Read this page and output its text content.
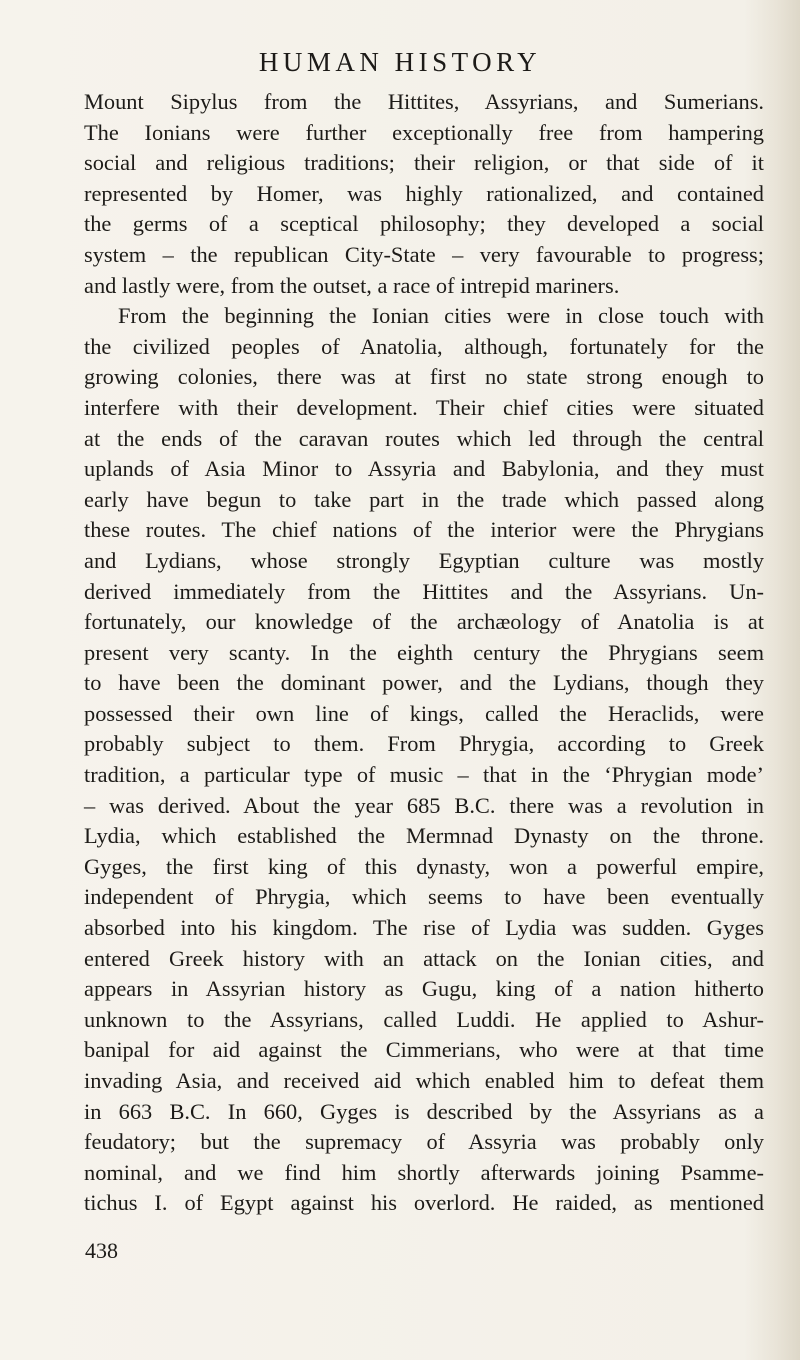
HUMAN HISTORY
Mount Sipylus from the Hittites, Assyrians, and Sumerians.
The Ionians were further exceptionally free from hampering
social and religious traditions; their religion, or that side of it
represented by Homer, was highly rationalized, and contained
the germs of a sceptical philosophy; they developed a social
system – the republican City-State – very favourable to progress;
and lastly were, from the outset, a race of intrepid mariners.
From the beginning the Ionian cities were in close touch with
the civilized peoples of Anatolia, although, fortunately for the
growing colonies, there was at first no state strong enough to
interfere with their development. Their chief cities were situated
at the ends of the caravan routes which led through the central
uplands of Asia Minor to Assyria and Babylonia, and they must
early have begun to take part in the trade which passed along
these routes. The chief nations of the interior were the Phrygians
and Lydians, whose strongly Egyptian culture was mostly
derived immediately from the Hittites and the Assyrians. Un-
fortunately, our knowledge of the archæology of Anatolia is at
present very scanty. In the eighth century the Phrygians seem
to have been the dominant power, and the Lydians, though they
possessed their own line of kings, called the Heraclids, were
probably subject to them. From Phrygia, according to Greek
tradition, a particular type of music – that in the ‘Phrygian mode’
– was derived. About the year 685 B.C. there was a revolution in
Lydia, which established the Mermnad Dynasty on the throne.
Gyges, the first king of this dynasty, won a powerful empire,
independent of Phrygia, which seems to have been eventually
absorbed into his kingdom. The rise of Lydia was sudden. Gyges
entered Greek history with an attack on the Ionian cities, and
appears in Assyrian history as Gugu, king of a nation hitherto
unknown to the Assyrians, called Luddi. He applied to Ashur-
banipal for aid against the Cimmerians, who were at that time
invading Asia, and received aid which enabled him to defeat them
in 663 B.C. In 660, Gyges is described by the Assyrians as a
feudatory; but the supremacy of Assyria was probably only
nominal, and we find him shortly afterwards joining Psamme-
tichus I. of Egypt against his overlord. He raided, as mentioned
438
